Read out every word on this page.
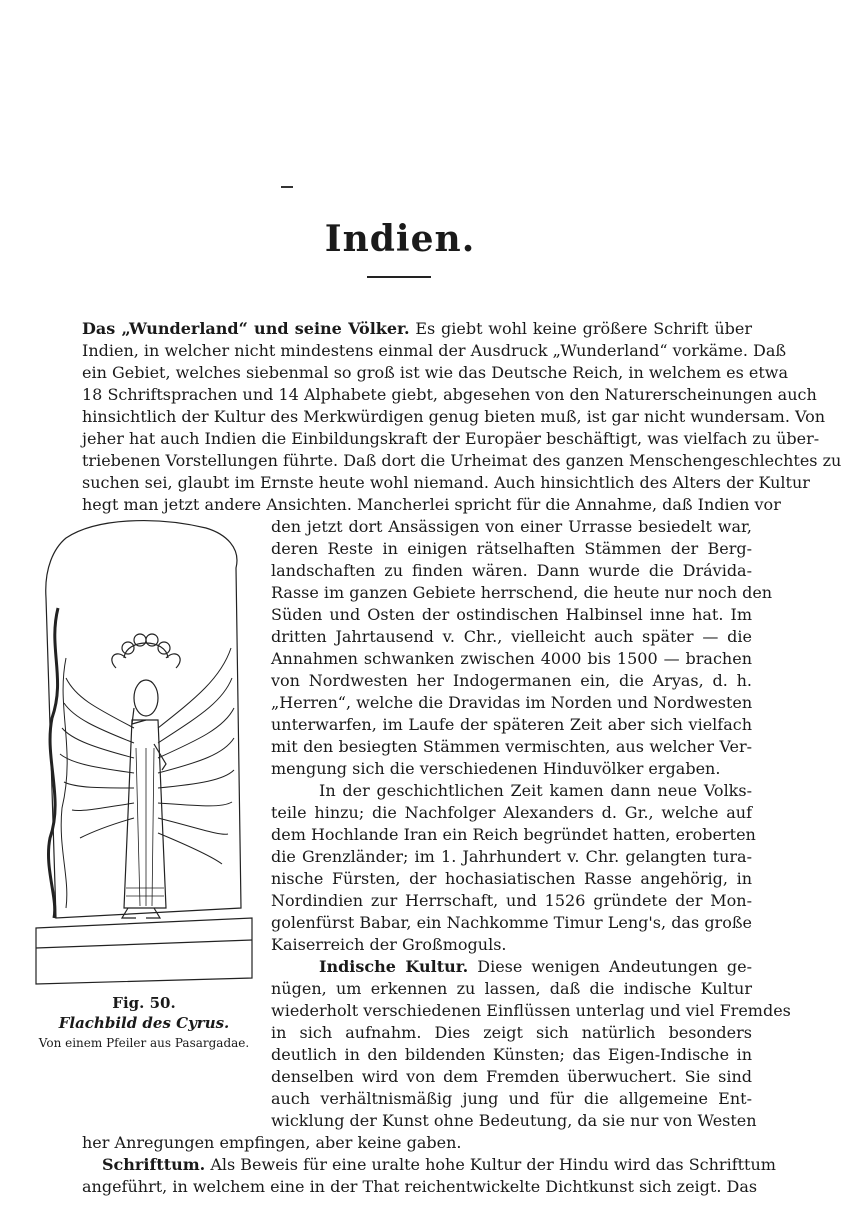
Indien.
Das „Wunderland“ und seine Völker. Es giebt wohl keine größere Schrift über
Indien, in welcher nicht mindestens einmal der Ausdruck „Wunderland“ vorkäme. Daß
ein Gebiet, welches siebenmal so groß ist wie das Deutsche Reich, in welchem es etwa
18 Schriftsprachen und 14 Alphabete giebt, abgesehen von den Naturerscheinungen auch
hinsichtlich der Kultur des Merkwürdigen genug bieten muß, ist gar nicht wundersam. Von
jeher hat auch Indien die Einbildungskraft der Europäer beschäftigt, was vielfach zu über-
triebenen Vorstellungen führte. Daß dort die Urheimat des ganzen Menschengeschlechtes zu
suchen sei, glaubt im Ernste heute wohl niemand. Auch hinsichtlich des Alters der Kultur
hegt man jetzt andere Ansichten. Mancherlei spricht für die Annahme, daß Indien vor
den jetzt dort Ansässigen von einer Urrasse besiedelt war,
deren Reste in einigen rätselhaften Stämmen der Berg-
landschaften zu finden wären. Dann wurde die Drávida-
Rasse im ganzen Gebiete herrschend, die heute nur noch den
Süden und Osten der ostindischen Halbinsel inne hat. Im
dritten Jahrtausend v. Chr., vielleicht auch später — die
Annahmen schwanken zwischen 4000 bis 1500 — brachen
von Nordwesten her Indogermanen ein, die Aryas, d. h.
„Herren“, welche die Dravidas im Norden und Nordwesten
unterwarfen, im Laufe der späteren Zeit aber sich vielfach
mit den besiegten Stämmen vermischten, aus welcher Ver-
mengung sich die verschiedenen Hinduvölker ergaben.
In der geschichtlichen Zeit kamen dann neue Volks-
teile hinzu; die Nachfolger Alexanders d. Gr., welche auf
dem Hochlande Iran ein Reich begründet hatten, eroberten
die Grenzländer; im 1. Jahrhundert v. Chr. gelangten tura-
nische Fürsten, der hochasiatischen Rasse angehörig, in
Nordindien zur Herrschaft, und 1526 gründete der Mon-
golenfürst Babar, ein Nachkomme Timur Leng's, das große
Kaiserreich der Großmoguls.
Indische Kultur. Diese wenigen Andeutungen ge-
nügen, um erkennen zu lassen, daß die indische Kultur
wiederholt verschiedenen Einflüssen unterlag und viel Fremdes
in sich aufnahm. Dies zeigt sich natürlich besonders
deutlich in den bildenden Künsten; das Eigen-Indische in
denselben wird von dem Fremden überwuchert. Sie sind
auch verhältnismäßig jung und für die allgemeine Ent-
wicklung der Kunst ohne Bedeutung, da sie nur von Westen
her Anregungen empfingen, aber keine gaben.
Schrifttum. Als Beweis für eine uralte hohe Kultur der Hindu wird das Schrifttum
angeführt, in welchem eine in der That reichentwickelte Dichtkunst sich zeigt. Das
Fig. 50.
Flachbild des Cyrus.
Von einem Pfeiler aus Pasargadae.
